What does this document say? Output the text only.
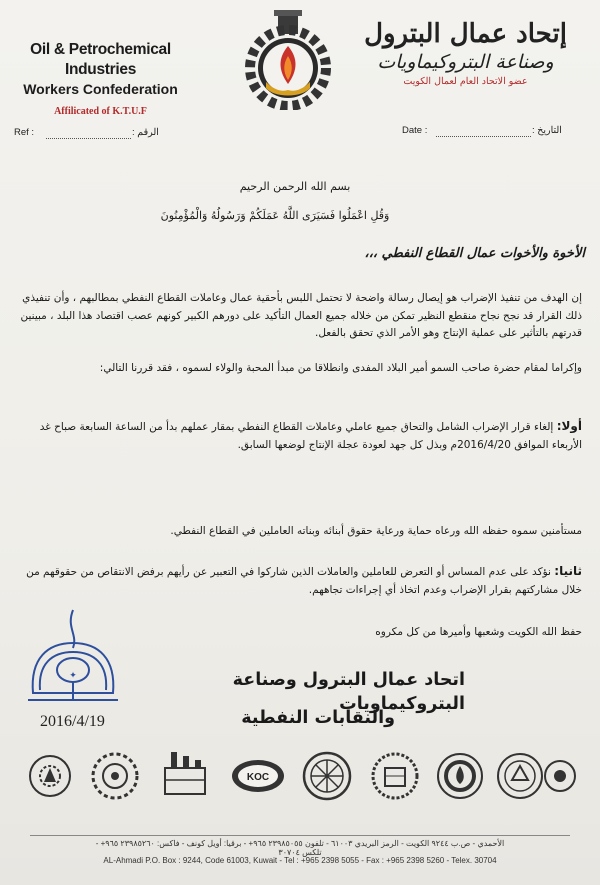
Oil & Petrochemical Industries
Workers Confederation
Affilicated of K.T.U.F
إتحاد عمال البترول
وصناعة البتروكيماويات
عضو الاتحاد العام لعمال الكويت
Ref :	الرقم :	Date :	التاريخ :
بسم الله الرحمن الرحيم
وَقُلِ اعْمَلُوا فَسَيَرَى اللَّهُ عَمَلَكُمْ وَرَسُولُهُ وَالْمُؤْمِنُونَ
الأخوة والأخوات عمال القطاع النفطي ،،،
إن الهدف من تنفيذ الإضراب هو إيصال رسالة واضحة لا تحتمل اللبس بأحقية عمال وعاملات القطاع النفطي بمطالبهم ، وأن تنفيذي ذلك القرار قد نجح نجاح منقطع النظير تمكن من خلاله جميع العمال التأكيد على دورهم الكبير كونهم عصب اقتصاد هذا البلد ، مبينين قدرتهم بالتأثير على عملية الإنتاج وهو الأمر الذي تحقق بالفعل.
وإكراما لمقام حضرة صاحب السمو أمير البلاد المفدى وانطلاقا من مبدأ المحبة والولاء لسموه ، فقد قررنا التالي:
أولا: إلغاء قرار الإضراب الشامل والتحاق جميع عاملي وعاملات القطاع النفطي بمقار عملهم بدأ من الساعة السابعة صباح غد الأربعاء الموافق 2016/4/20م وبذل كل جهد لعودة عجلة الإنتاج لوضعها السابق.
مستأمنين سموه حفظه الله ورعاه حماية ورعاية حقوق أبنائه وبناته العاملين في القطاع النفطي.
ثانيا: نؤكد على عدم المساس أو التعرض للعاملين والعاملات الذين شاركوا في التعبير عن رأيهم برفض الانتقاص من حقوقهم من خلال مشاركتهم بقرار الإضراب وعدم اتخاذ أي إجراءات تجاههم.
حفظ الله الكويت وشعبها وأميرها من كل مكروه
✦	اتحاد عمال البترول وصناعة البتروكيماويات
والنقابات النفطية
2016/4/19
KOC
الأحمدي - ص.ب ٩٢٤٤ الكويت - الرمز البريدي ٦١٠٠٣ - تلفون ٢٣٩٨٥٠٥٥ ٩٦٥+ - برقيا: أويل كونف - فاكس: ٢٣٩٨٥٢٦٠ ٩٦٥+ - تلكس ٣٠٧٠٤
AL-Ahmadi P.O. Box : 9244, Code 61003, Kuwait - Tel : +965 2398 5055 - Fax : +965 2398 5260 - Telex. 30704
